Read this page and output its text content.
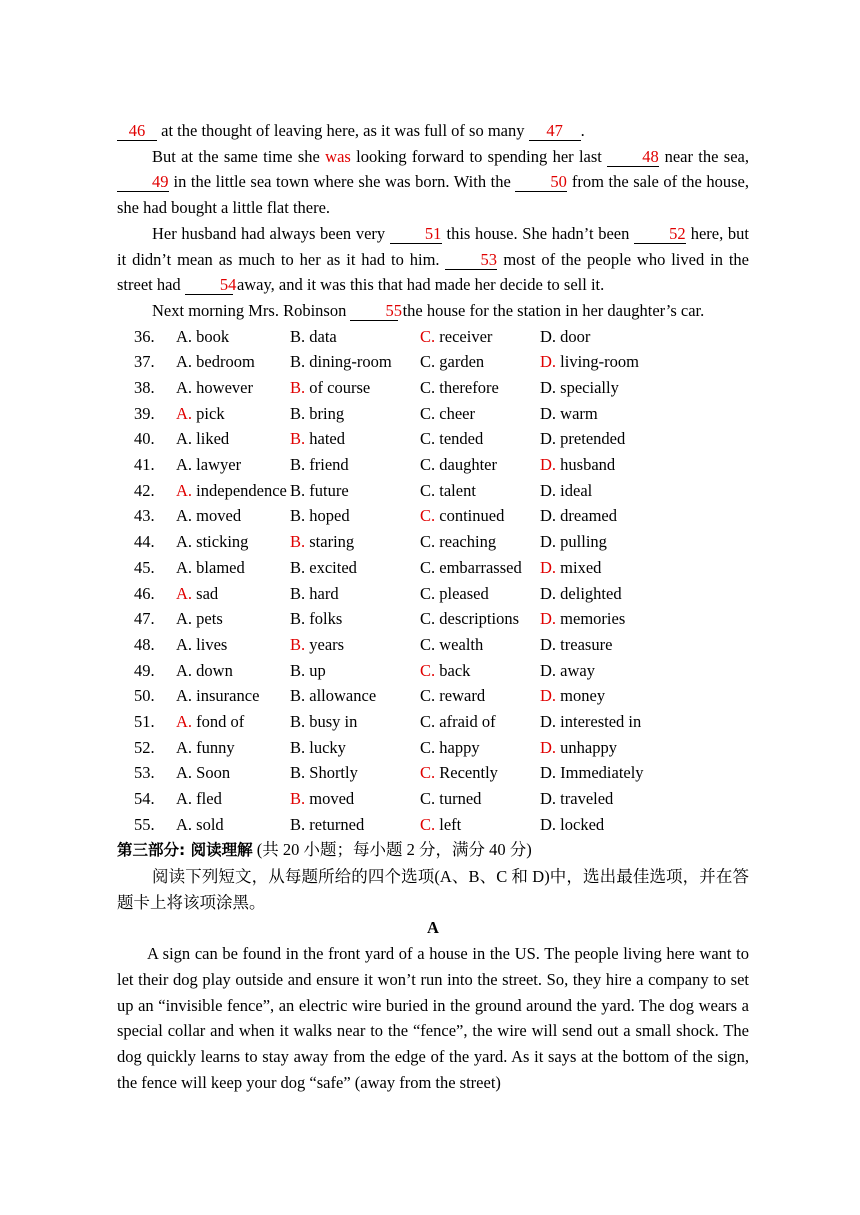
46 at the thought of leaving here, as it was full of so many 47 .

But at the same time she was looking forward to spending her last 48 near the sea, 49 in the little sea town where she was born. With the 50 from the sale of the house, she had bought a little flat there.

Her husband had always been very 51 this house. She hadn’t been 52 here, but it didn’t mean as much to her as it had to him. 53 most of the people who lived in the street had 54 away, and it was this that had made her decide to sell it.

Next morning Mrs. Robinson 55 the house for the station in her daughter’s car.

36.	A. book	B. data	C. receiver	D. door
37.	A. bedroom	B. dining-room	C. garden	D. living-room
38.	A. however	B. of course	C. therefore	D. specially
39.	A. pick	B. bring	C. cheer	D. warm
40.	A. liked	B. hated	C. tended	D. pretended
41.	A. lawyer	B. friend	C. daughter	D. husband
42.	A. independence B. future	C. talent	D. ideal
43.	A. moved	B. hoped	C. continued	D. dreamed
44.	A. sticking	B. staring	C. reaching	D. pulling
45.	A. blamed	B. excited	C. embarrassed	D. mixed
46.	A. sad	B. hard	C. pleased	D. delighted
47.	A. pets	B. folks	C. descriptions	D. memories
48.	A. lives	B. years	C. wealth	D. treasure
49.	A. down	B. up	C. back	D. away
50.	A. insurance	B. allowance	C. reward	D. money
51.	A. fond of	B. busy in	C. afraid of	D. interested in
52.	A. funny	B. lucky	C. happy	D. unhappy
53.	A. Soon	B. Shortly	C. Recently	D. Immediately
54.	A. fled	B. moved	C. turned	D. traveled
55.	A. sold	B. returned	C. left	D. locked

第三部分: 阅读理解 (共 20 小题；每小题 2 分，满分 40 分)

阅读下列短文，从每题所给的四个选项(A、B、C 和 D)中，选出最佳选项，并在答题卡上将该项涂黑。

A

A sign can be found in the front yard of a house in the US. The people living here want to let their dog play outside and ensure it won’t run into the street. So, they hire a company to set up an “invisible fence”, an electric wire buried in the ground around the yard. The dog wears a special collar and when it walks near to the “fence”, the wire will send out a small shock. The dog quickly learns to stay away from the edge of the yard. As it says at the bottom of the sign, the fence will keep your dog “safe” (away from the street)
